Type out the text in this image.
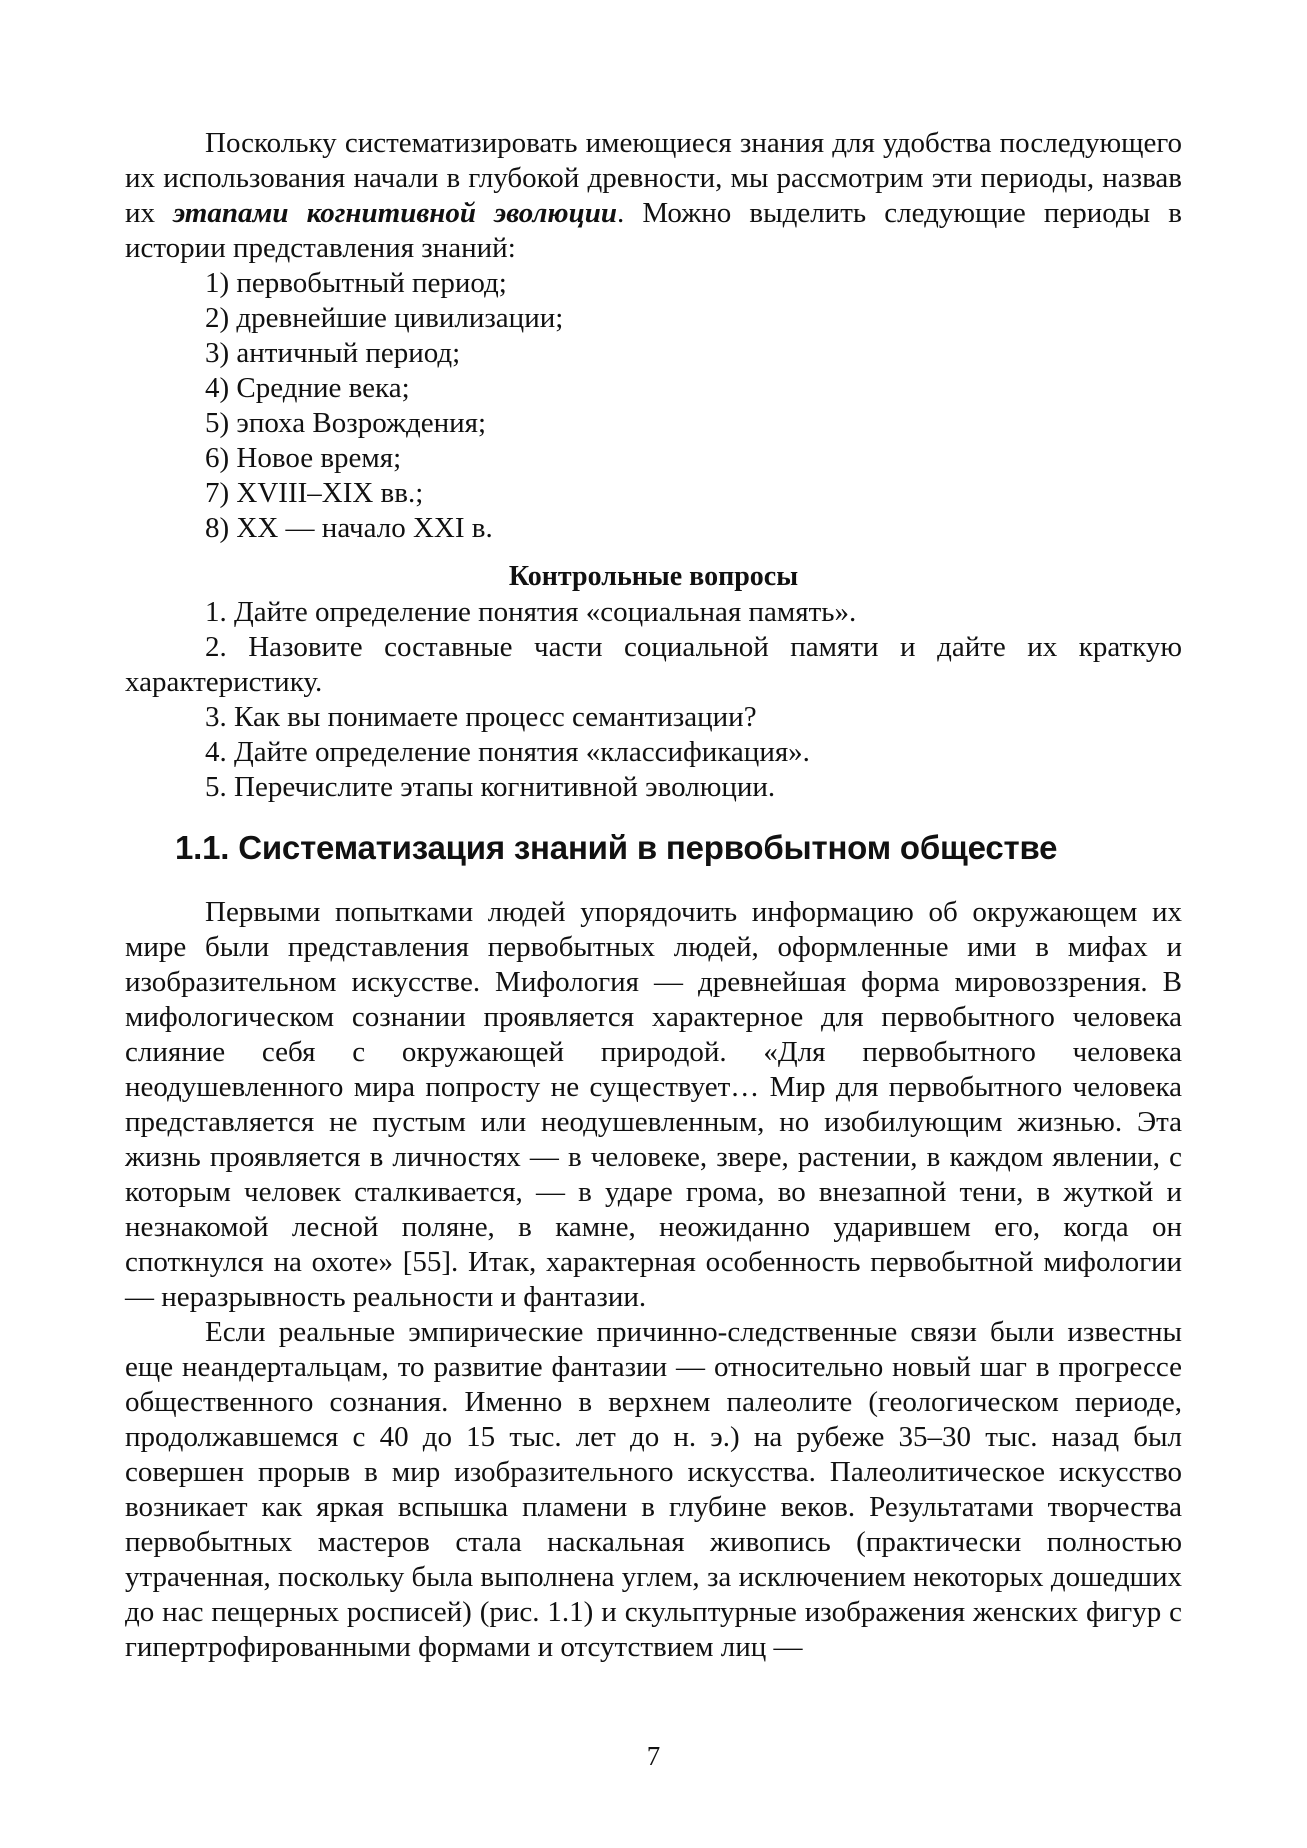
Поскольку систематизировать имеющиеся знания для удобства последующего их использования начали в глубокой древности, мы рассмотрим эти периоды, назвав их этапами когнитивной эволюции. Можно выделить следующие периоды в истории представления знаний:

1) первобытный период;

2) древнейшие цивилизации;

3) античный период;

4) Средние века;

5) эпоха Возрождения;

6) Новое время;

7) XVIII–XIX вв.;

8) XX — начало XXI в.

Контрольные вопросы

1. Дайте определение понятия «социальная память».

2. Назовите составные части социальной памяти и дайте их краткую характеристику.

3. Как вы понимаете процесс семантизации?

4. Дайте определение понятия «классификация».

5. Перечислите этапы когнитивной эволюции.

1.1. Систематизация знаний в первобытном обществе

Первыми попытками людей упорядочить информацию об окружающем их мире были представления первобытных людей, оформленные ими в мифах и изобразительном искусстве. Мифология — древнейшая форма мировоззрения. В мифологическом сознании проявляется характерное для первобытного человека слияние себя с окружающей природой. «Для первобытного человека неодушевленного мира попросту не существует… Мир для первобытного человека представляется не пустым или неодушевленным, но изобилующим жизнью. Эта жизнь проявляется в личностях — в человеке, звере, растении, в каждом явлении, с которым человек сталкивается, — в ударе грома, во внезапной тени, в жуткой и незнакомой лесной поляне, в камне, неожиданно ударившем его, когда он споткнулся на охоте» [55]. Итак, характерная особенность первобытной мифологии — неразрывность реальности и фантазии.

Если реальные эмпирические причинно-следственные связи были известны еще неандертальцам, то развитие фантазии — относительно новый шаг в прогрессе общественного сознания. Именно в верхнем палеолите (геологическом периоде, продолжавшемся с 40 до 15 тыс. лет до н. э.) на рубеже 35–30 тыс. назад был совершен прорыв в мир изобразительного искусства. Палеолитическое искусство возникает как яркая вспышка пламени в глубине веков. Результатами творчества первобытных мастеров стала наскальная живопись (практически полностью утраченная, поскольку была выполнена углем, за исключением некоторых дошедших до нас пещерных росписей) (рис. 1.1) и скульптурные изображения женских фигур с гипертрофированными формами и отсутствием лиц —

7
